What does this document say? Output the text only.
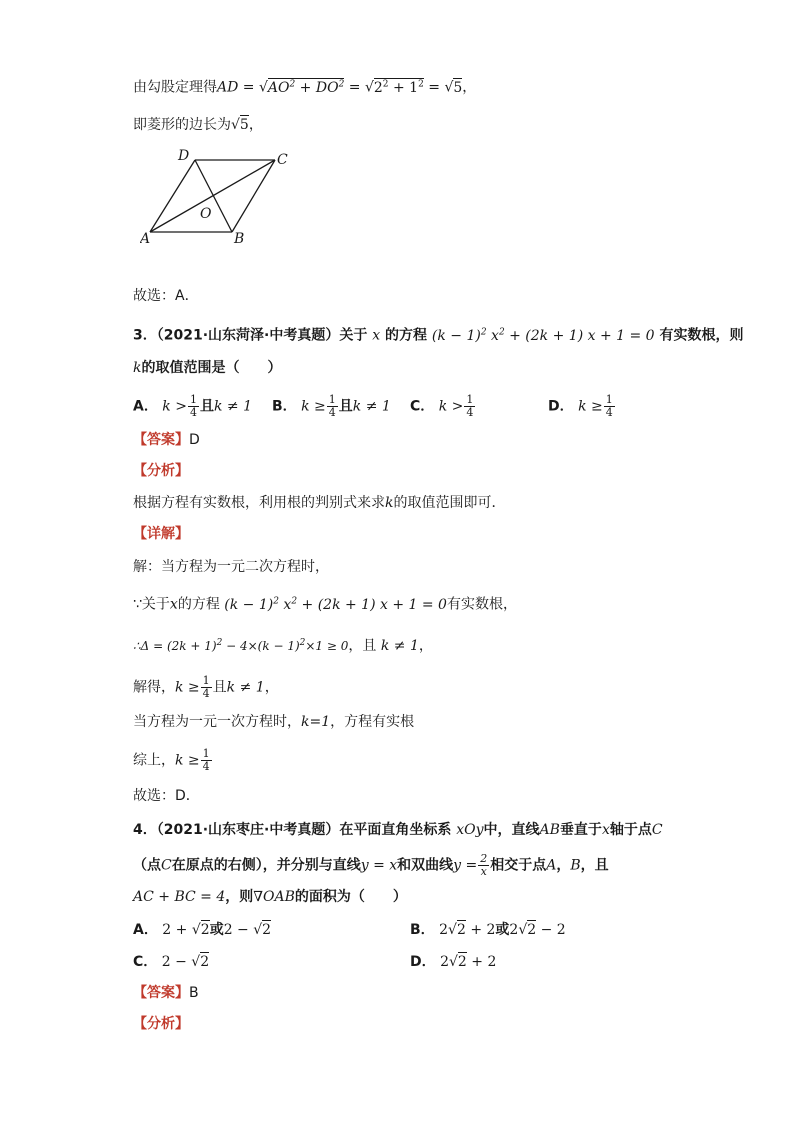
由勾股定理得AD = $√AO^2 + DO^2 = √2^2 + 1^2 = √5$，
即菱形的边长为√5，
A	B
C
D
O
故选：A．
3．（2021·山东菏泽·中考真题）关于 x 的方程 $(k - 1)^2$ $x^2 + (2k + 1) x + 1 = 0$ 有实数根，则
k的取值范围是（　　）
A． $k > \frac{1}{4}$ 且k ≠ 1 B． $k \ge \frac{1}{4}$ 且k ≠ 1 C． $k > \frac{1}{4}$	D． $k \ge \frac{1}{4}$
【答案】D
【分析】
根据方程有实数根，利用根的判别式来求k的取值范围即可．
【详解】
解：当方程为一元二次方程时，
∵关于x的方程 $(k - 1)^2$ $x^2 + (2k + 1) x + 1 = 0$有实数根，
∴Δ = $(2k + 1)^2 - 4\times(k - 1)^2\times 1 \ge 0$，且 k ≠ 1，
解得，$k \ge \frac{1}{4}$ 且k ≠ 1，
当方程为一元一次方程时，k=1，方程有实根
综上，$k \ge \frac{1}{4}$
故选：D．
4．（2021·山东枣庄·中考真题）在平面直角坐标系 xOy中，直线AB垂直于x轴于点C
（点C在原点的右侧），并分别与直线y = x和双曲线$y = \frac{2}{x}$ 相交于点A，B，且
AC + BC = 4，则∇OAB的面积为（　　）
A． 2 + √2或2 − √2	B． 2√2 + 2或2√2 − 2
C． 2 − √2	D． 2√2 + 2
【答案】B
【分析】
